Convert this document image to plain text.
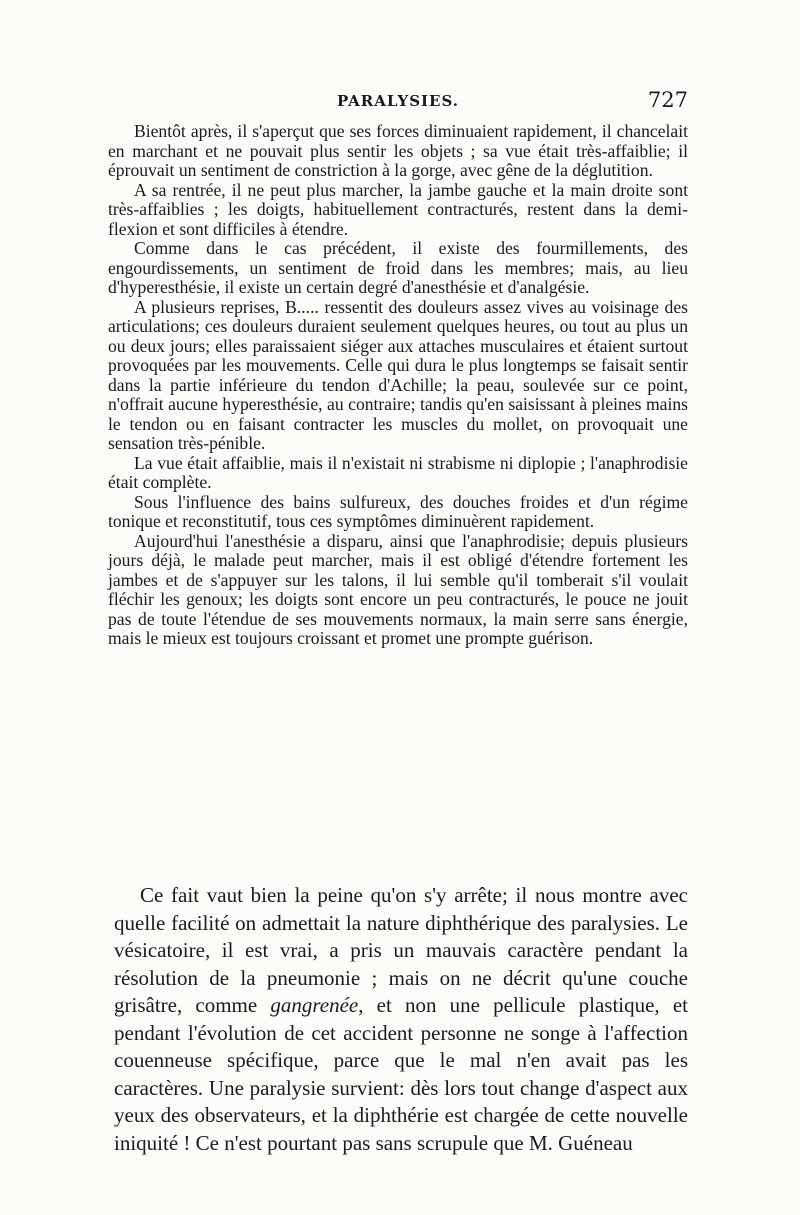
PARALYSIES.	727

Bientôt après, il s'aperçut que ses forces diminuaient rapidement, il chancelait en marchant et ne pouvait plus sentir les objets ; sa vue était très-affaiblie; il éprouvait un sentiment de constriction à la gorge, avec gêne de la déglutition.

A sa rentrée, il ne peut plus marcher, la jambe gauche et la main droite sont très-affaiblies ; les doigts, habituellement contracturés, restent dans la demi-flexion et sont difficiles à étendre.

Comme dans le cas précédent, il existe des fourmillements, des engourdissements, un sentiment de froid dans les membres; mais, au lieu d'hyperesthésie, il existe un certain degré d'anesthésie et d'analgésie.

A plusieurs reprises, B..... ressentit des douleurs assez vives au voisinage des articulations; ces douleurs duraient seulement quelques heures, ou tout au plus un ou deux jours; elles paraissaient siéger aux attaches musculaires et étaient surtout provoquées par les mouvements. Celle qui dura le plus longtemps se faisait sentir dans la partie inférieure du tendon d'Achille; la peau, soulevée sur ce point, n'offrait aucune hyperesthésie, au contraire; tandis qu'en saisissant à pleines mains le tendon ou en faisant contracter les muscles du mollet, on provoquait une sensation très-pénible.

La vue était affaiblie, mais il n'existait ni strabisme ni diplopie ; l'anaphrodisie était complète.

Sous l'influence des bains sulfureux, des douches froides et d'un régime tonique et reconstitutif, tous ces symptômes diminuèrent rapidement.

Aujourd'hui l'anesthésie a disparu, ainsi que l'anaphrodisie; depuis plusieurs jours déjà, le malade peut marcher, mais il est obligé d'étendre fortement les jambes et de s'appuyer sur les talons, il lui semble qu'il tomberait s'il voulait fléchir les genoux; les doigts sont encore un peu contracturés, le pouce ne jouit pas de toute l'étendue de ses mouvements normaux, la main serre sans énergie, mais le mieux est toujours croissant et promet une prompte guérison.

Ce fait vaut bien la peine qu'on s'y arrête; il nous montre avec quelle facilité on admettait la nature diphthérique des paralysies. Le vésicatoire, il est vrai, a pris un mauvais caractère pendant la résolution de la pneumonie ; mais on ne décrit qu'une couche grisâtre, comme gangrenée, et non une pellicule plastique, et pendant l'évolution de cet accident personne ne songe à l'affection couenneuse spécifique, parce que le mal n'en avait pas les caractères. Une paralysie survient: dès lors tout change d'aspect aux yeux des observateurs, et la diphthérie est chargée de cette nouvelle iniquité ! Ce n'est pourtant pas sans scrupule que M. Guéneau
